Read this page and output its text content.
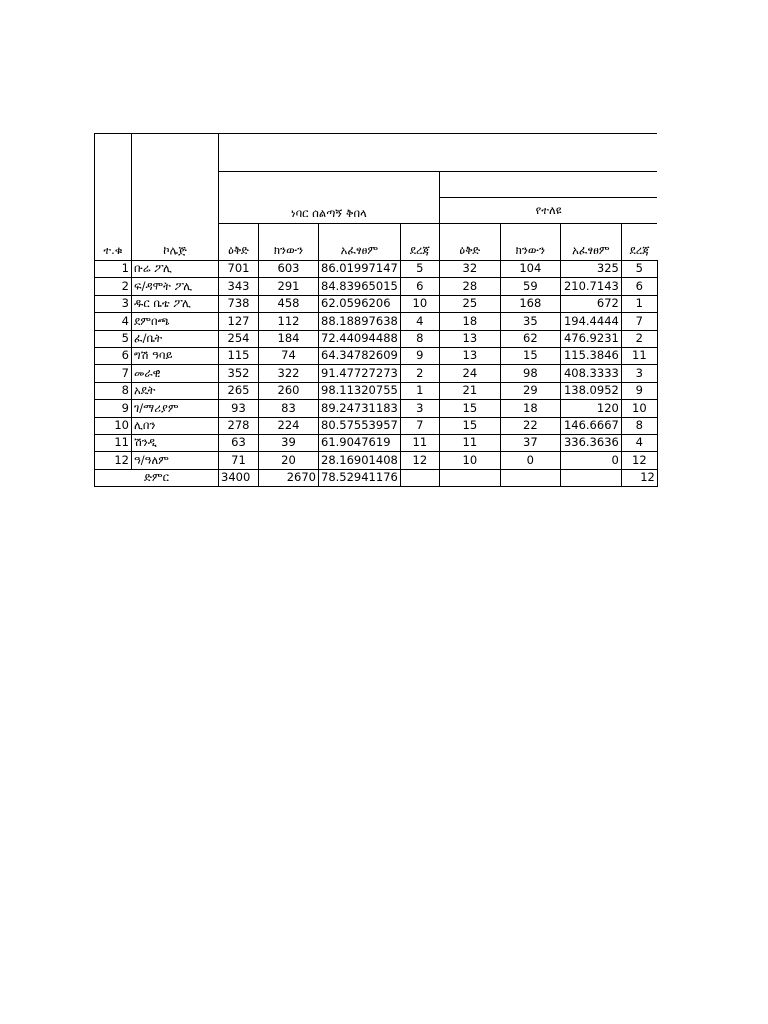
ተ.ቁ	ኮሌጅ								
		ነባር ሰልጣኝ ቅበላ							
						የተለዩ			
		ዕቅድ	ክንውን	አፈፃፀም	ደረጃ	ዕቅድ	ክንውን	አፈፃፀም	ደረጃ
1	ቡሬ ፖሊ	701	603	86.01997147	5	32	104	325	5
2	ፍ/ዳሞት ፖሊ	343	291	84.83965015	6	28	59	210.7143	6
3	ዱር ቤቴ ፖሊ	738	458	62.0596206	10	25	168	672	1
4	ደምበጫ	127	112	88.18897638	4	18	35	194.4444	7
5	ፈ/ቤት	254	184	72.44094488	8	13	62	476.9231	2
6	ግሽ ዓባይ	115	74	64.34782609	9	13	15	115.3846	11
7	መራዊ	352	322	91.47727273	2	24	98	408.3333	3
8	አዴት	265	260	98.11320755	1	21	29	138.0952	9
9	ገ/ማሪያም	93	83	89.24731183	3	15	18	120	10
10	ሊበን	278	224	80.57553957	7	15	22	146.6667	8
11	ሽንዲ	63	39	61.9047619	11	11	37	336.3636	4
12	ዓ/ዓለም	71	20	28.16901408	12	10	0	0	12
ድምር		3400	2670	78.52941176					12
